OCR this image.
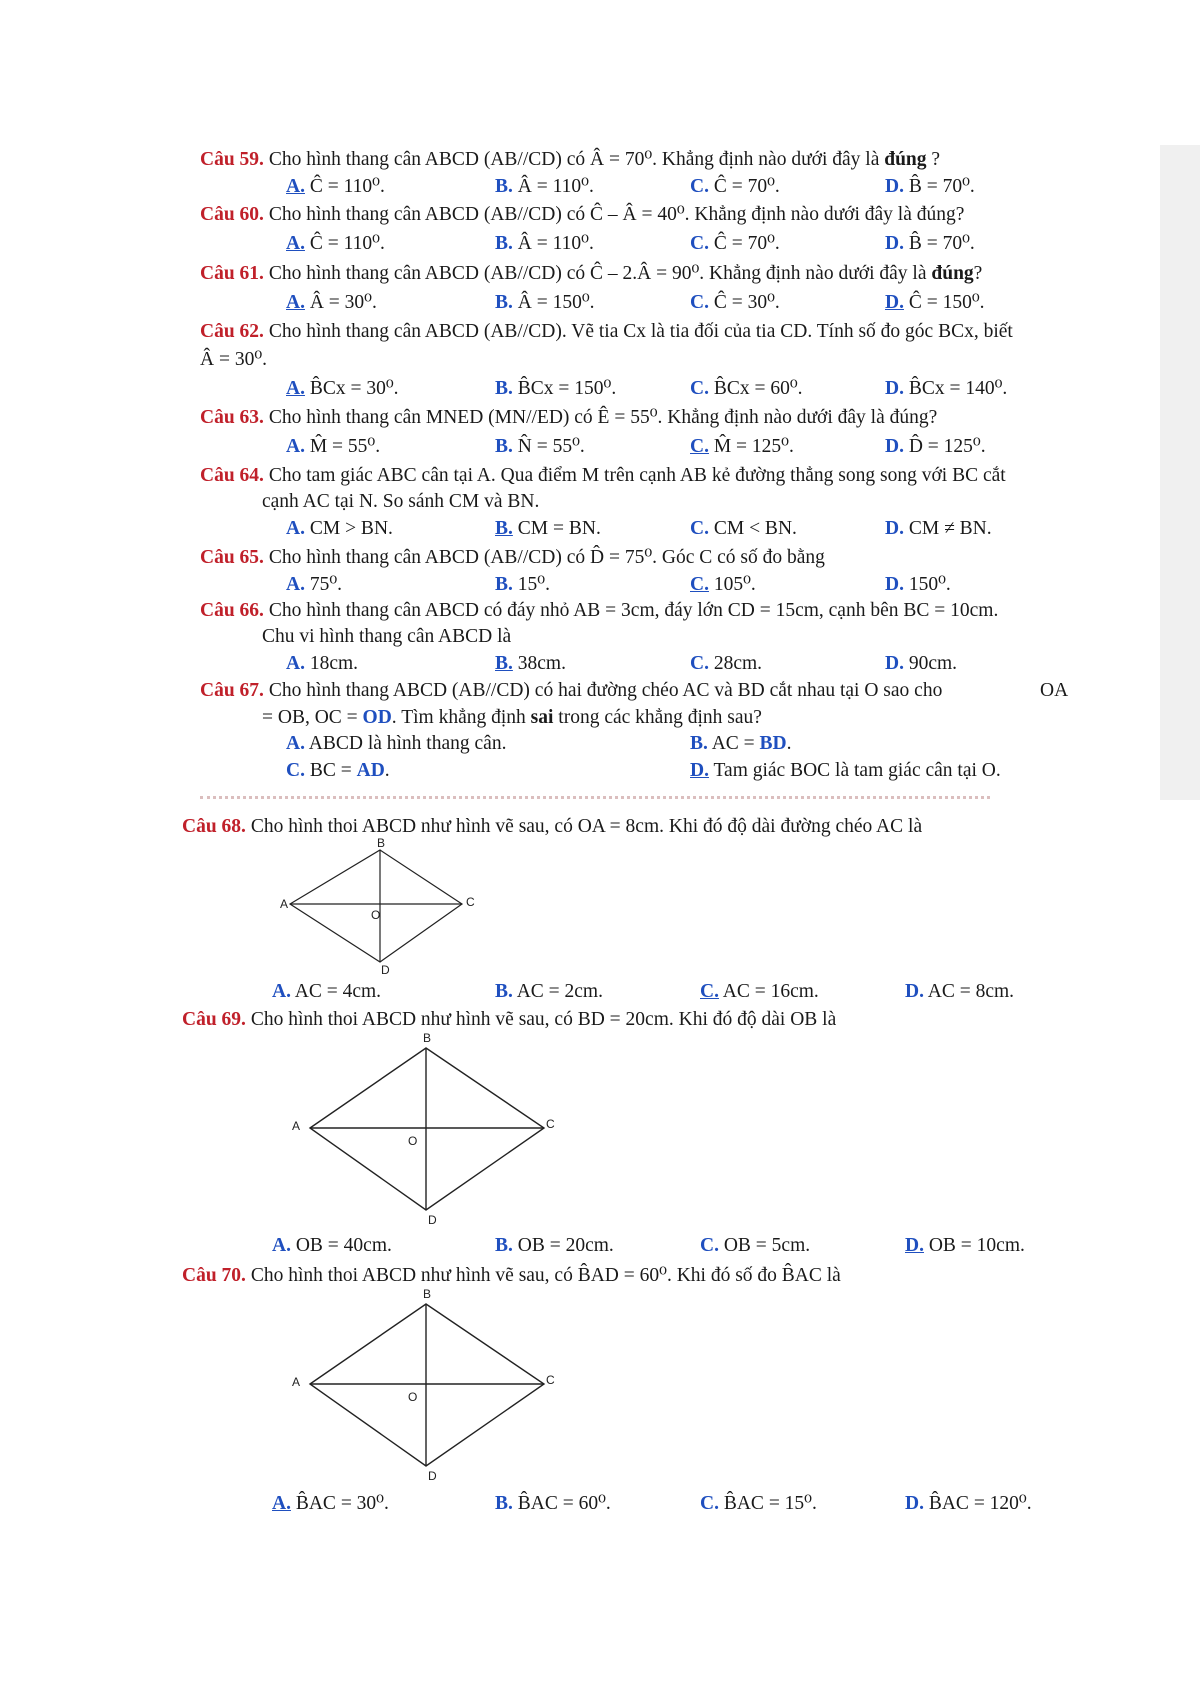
Câu 59. Cho hình thang cân ABCD (AB//CD) có Â = 70⁰. Khẳng định nào dưới đây là đúng ?
A. Ĉ = 110⁰.	B. Â = 110⁰.	C. Ĉ = 70⁰.	D. B̂ = 70⁰.
Câu 60. Cho hình thang cân ABCD (AB//CD) có Ĉ – Â = 40⁰. Khẳng định nào dưới đây là đúng?
A. Ĉ = 110⁰.	B. Â = 110⁰.	C. Ĉ = 70⁰.	D. B̂ = 70⁰.
Câu 61. Cho hình thang cân ABCD (AB//CD) có Ĉ – 2.Â = 90⁰. Khẳng định nào dưới đây là đúng?
A. Â = 30⁰.	B. Â = 150⁰.	C. Ĉ = 30⁰.	D. Ĉ = 150⁰.
Câu 62. Cho hình thang cân ABCD (AB//CD). Vẽ tia Cx là tia đối của tia CD. Tính số đo góc BCx, biết
Â = 30⁰.
A. B̂Cx = 30⁰.	B. B̂Cx = 150⁰.	C. B̂Cx = 60⁰.	D. B̂Cx = 140⁰.
Câu 63. Cho hình thang cân MNED (MN//ED) có Ê = 55⁰. Khẳng định nào dưới đây là đúng?
A. M̂ = 55⁰.	B. N̂ = 55⁰.	C. M̂ = 125⁰.	D. D̂ = 125⁰.
Câu 64. Cho tam giác ABC cân tại A. Qua điểm M trên cạnh AB kẻ đường thẳng song song với BC cắt
cạnh AC tại N. So sánh CM và BN.
A. CM > BN.	B. CM = BN.	C. CM < BN.	D. CM ≠ BN.
Câu 65. Cho hình thang cân ABCD (AB//CD) có D̂ = 75⁰. Góc C có số đo bằng
A. 75⁰.	B. 15⁰.	C. 105⁰.	D. 150⁰.
Câu 66. Cho hình thang cân ABCD có đáy nhỏ AB = 3cm, đáy lớn CD = 15cm, cạnh bên BC = 10cm.
Chu vi hình thang cân ABCD là
A. 18cm.	B. 38cm.	C. 28cm.	D. 90cm.
Câu 67. Cho hình thang ABCD (AB//CD) có hai đường chéo AC và BD cắt nhau tại O sao cho	OA
= OB, OC = OD. Tìm khẳng định sai trong các khẳng định sau?
A. ABCD là hình thang cân.	B. AC = BD.
C. BC = AD.	D. Tam giác BOC là tam giác cân tại O.
Câu 68. Cho hình thoi ABCD như hình vẽ sau, có OA = 8cm. Khi đó độ dài đường chéo AC là
B
A	C
O
D
A. AC = 4cm.	B. AC = 2cm.	C. AC = 16cm.	D. AC = 8cm.
Câu 69. Cho hình thoi ABCD như hình vẽ sau, có BD = 20cm. Khi đó độ dài OB là
B
A	C
O
D
A. OB = 40cm.	B. OB = 20cm.	C. OB = 5cm.	D. OB = 10cm.
Câu 70. Cho hình thoi ABCD như hình vẽ sau, có B̂AD = 60⁰. Khi đó số đo B̂AC là
B
A	C
O
D
A. B̂AC = 30⁰.	B. B̂AC = 60⁰.	C. B̂AC = 15⁰.	D. B̂AC = 120⁰.
